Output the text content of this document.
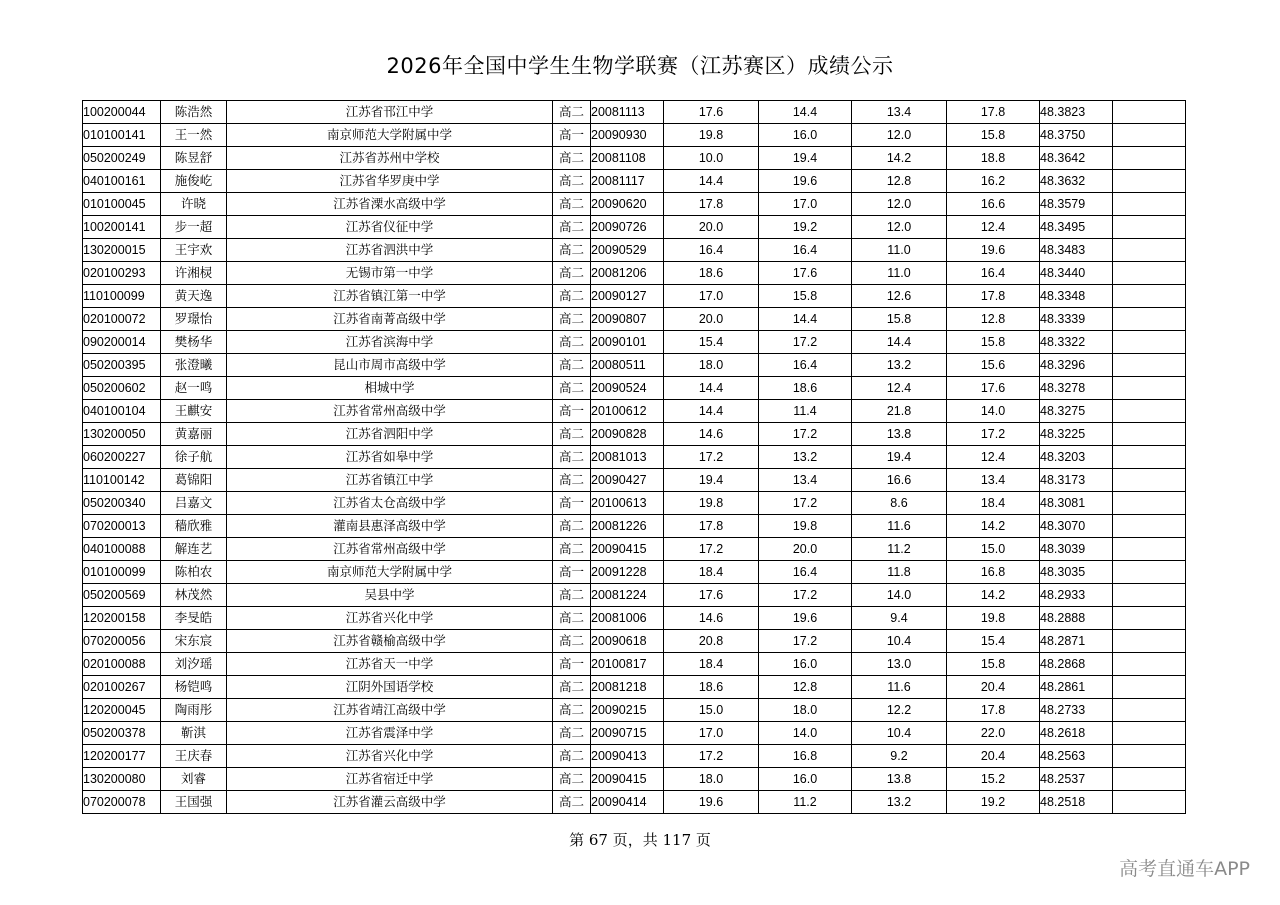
2026年全国中学生生物学联赛（江苏赛区）成绩公示
100200044	陈浩然	江苏省邗江中学	高二	20081113	17.6	14.4	13.4	17.8	48.3823	
010100141	王一然	南京师范大学附属中学	高一	20090930	19.8	16.0	12.0	15.8	48.3750	
050200249	陈昱舒	江苏省苏州中学校	高二	20081108	10.0	19.4	14.2	18.8	48.3642	
040100161	施俊屹	江苏省华罗庚中学	高二	20081117	14.4	19.6	12.8	16.2	48.3632	
010100045	许晓	江苏省溧水高级中学	高二	20090620	17.8	17.0	12.0	16.6	48.3579	
100200141	步一超	江苏省仪征中学	高二	20090726	20.0	19.2	12.0	12.4	48.3495	
130200015	王宇欢	江苏省泗洪中学	高二	20090529	16.4	16.4	11.0	19.6	48.3483	
020100293	许湘棂	无锡市第一中学	高二	20081206	18.6	17.6	11.0	16.4	48.3440	
110100099	黄天逸	江苏省镇江第一中学	高二	20090127	17.0	15.8	12.6	17.8	48.3348	
020100072	罗璟怡	江苏省南菁高级中学	高二	20090807	20.0	14.4	15.8	12.8	48.3339	
090200014	樊杨华	江苏省滨海中学	高二	20090101	15.4	17.2	14.4	15.8	48.3322	
050200395	张澄曦	昆山市周市高级中学	高二	20080511	18.0	16.4	13.2	15.6	48.3296	
050200602	赵一鸣	相城中学	高二	20090524	14.4	18.6	12.4	17.6	48.3278	
040100104	王麒安	江苏省常州高级中学	高一	20100612	14.4	11.4	21.8	14.0	48.3275	
130200050	黄嘉丽	江苏省泗阳中学	高二	20090828	14.6	17.2	13.8	17.2	48.3225	
060200227	徐子航	江苏省如皋中学	高二	20081013	17.2	13.2	19.4	12.4	48.3203	
110100142	葛锦阳	江苏省镇江中学	高二	20090427	19.4	13.4	16.6	13.4	48.3173	
050200340	吕嘉文	江苏省太仓高级中学	高一	20100613	19.8	17.2	8.6	18.4	48.3081	
070200013	穑欣雅	灌南县惠泽高级中学	高二	20081226	17.8	19.8	11.6	14.2	48.3070	
040100088	解连艺	江苏省常州高级中学	高二	20090415	17.2	20.0	11.2	15.0	48.3039	
010100099	陈柏农	南京师范大学附属中学	高一	20091228	18.4	16.4	11.8	16.8	48.3035	
050200569	林茂然	吴县中学	高二	20081224	17.6	17.2	14.0	14.2	48.2933	
120200158	李旻皓	江苏省兴化中学	高二	20081006	14.6	19.6	9.4	19.8	48.2888	
070200056	宋东宸	江苏省赣榆高级中学	高二	20090618	20.8	17.2	10.4	15.4	48.2871	
020100088	刘汐瑶	江苏省天一中学	高一	20100817	18.4	16.0	13.0	15.8	48.2868	
020100267	杨铠鸣	江阴外国语学校	高二	20081218	18.6	12.8	11.6	20.4	48.2861	
120200045	陶雨彤	江苏省靖江高级中学	高二	20090215	15.0	18.0	12.2	17.8	48.2733	
050200378	靳淇	江苏省震泽中学	高二	20090715	17.0	14.0	10.4	22.0	48.2618	
120200177	王庆春	江苏省兴化中学	高二	20090413	17.2	16.8	9.2	20.4	48.2563	
130200080	刘睿	江苏省宿迁中学	高二	20090415	18.0	16.0	13.8	15.2	48.2537	
070200078	王国强	江苏省灌云高级中学	高二	20090414	19.6	11.2	13.2	19.2	48.2518	
第 67 页，共 117 页
高考直通车APP
